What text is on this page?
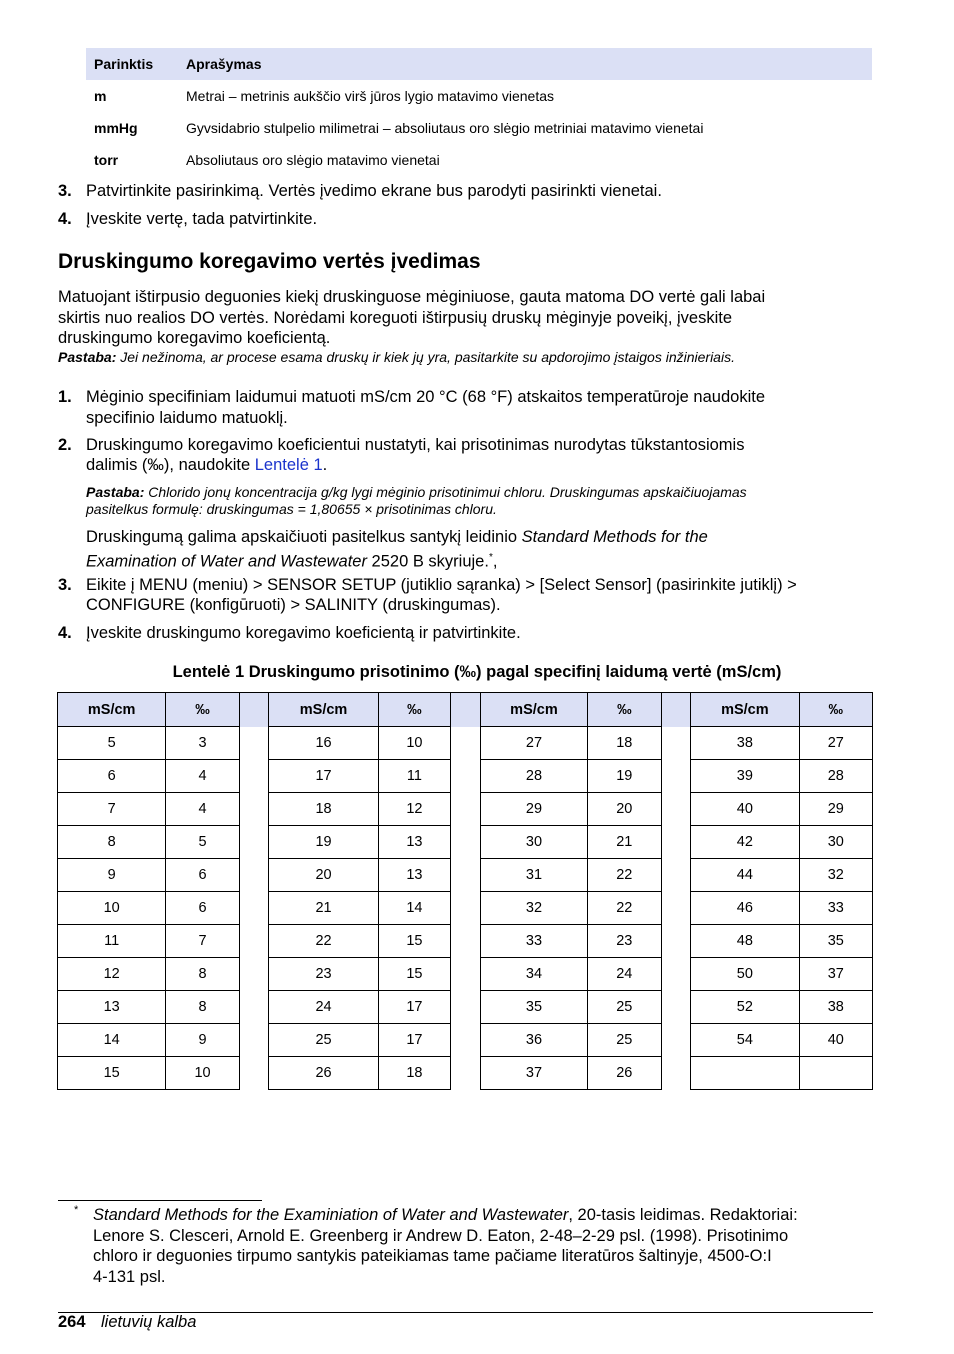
Parinktis	Aprašymas
m	Metrai – metrinis aukščio virš jūros lygio matavimo vienetas
mmHg	Gyvsidabrio stulpelio milimetrai – absoliutaus oro slėgio metriniai matavimo vienetai
torr	Absoliutaus oro slėgio matavimo vienetai
3. Patvirtinkite pasirinkimą. Vertės įvedimo ekrane bus parodyti pasirinkti vienetai.
4. Įveskite vertę, tada patvirtinkite.
Druskingumo koregavimo vertės įvedimas
Matuojant ištirpusio deguonies kiekį druskinguose mėginiuose, gauta matoma DO vertė gali labai
skirtis nuo realios DO vertės. Norėdami koreguoti ištirpusių druskų mėginyje poveikį, įveskite
druskingumo koregavimo koeficientą.
Pastaba: Jei nežinoma, ar procese esama druskų ir kiek jų yra, pasitarkite su apdorojimo įstaigos inžinieriais.
1. Mėginio specifiniam laidumui matuoti mS/cm 20 °C (68 °F) atskaitos temperatūroje naudokite
specifinio laidumo matuoklį.
2. Druskingumo koregavimo koeficientui nustatyti, kai prisotinimas nurodytas tūkstantosiomis
dalimis (‰), naudokite Lentelė 1.
Pastaba: Chlorido jonų koncentracija g/kg lygi mėginio prisotinimui chloru. Druskingumas apskaičiuojamas
pasitelkus formulę: druskingumas = 1,80655 × prisotinimas chloru.
Druskingumą galima apskaičiuoti pasitelkus santykį leidinio Standard Methods for the
Examination of Water and Wastewater 2520 B skyriuje.*,
3. Eikite į MENU (meniu) > SENSOR SETUP (jutiklio sąranka) > [Select Sensor] (pasirinkite jutiklį) >
CONFIGURE (konfigūruoti) > SALINITY (druskingumas).
4. Įveskite druskingumo koregavimo koeficientą ir patvirtinkite.
Lentelė 1 Druskingumo prisotinimo (‰) pagal specifinį laidumą vertė (mS/cm)
mS/cm	‰		mS/cm	‰		mS/cm	‰		mS/cm	‰
5	3		16	10		27	18		38	27
6	4		17	11		28	19		39	28
7	4		18	12		29	20		40	29
8	5		19	13		30	21		42	30
9	6		20	13		31	22		44	32
10	6		21	14		32	22		46	33
11	7		22	15		33	23		48	35
12	8		23	15		34	24		50	37
13	8		24	17		35	25		52	38
14	9		25	17		36	25		54	40
15	10		26	18		37	26			
* Standard Methods for the Examiniation of Water and Wastewater, 20-tasis leidimas. Redaktoriai:
Lenore S. Clesceri, Arnold E. Greenberg ir Andrew D. Eaton, 2-48–2-29 psl. (1998). Prisotinimo
chloro ir deguonies tirpumo santykis pateikiamas tame pačiame literatūros šaltinyje, 4500-O:I
4-131 psl.
264 lietuvių kalba
